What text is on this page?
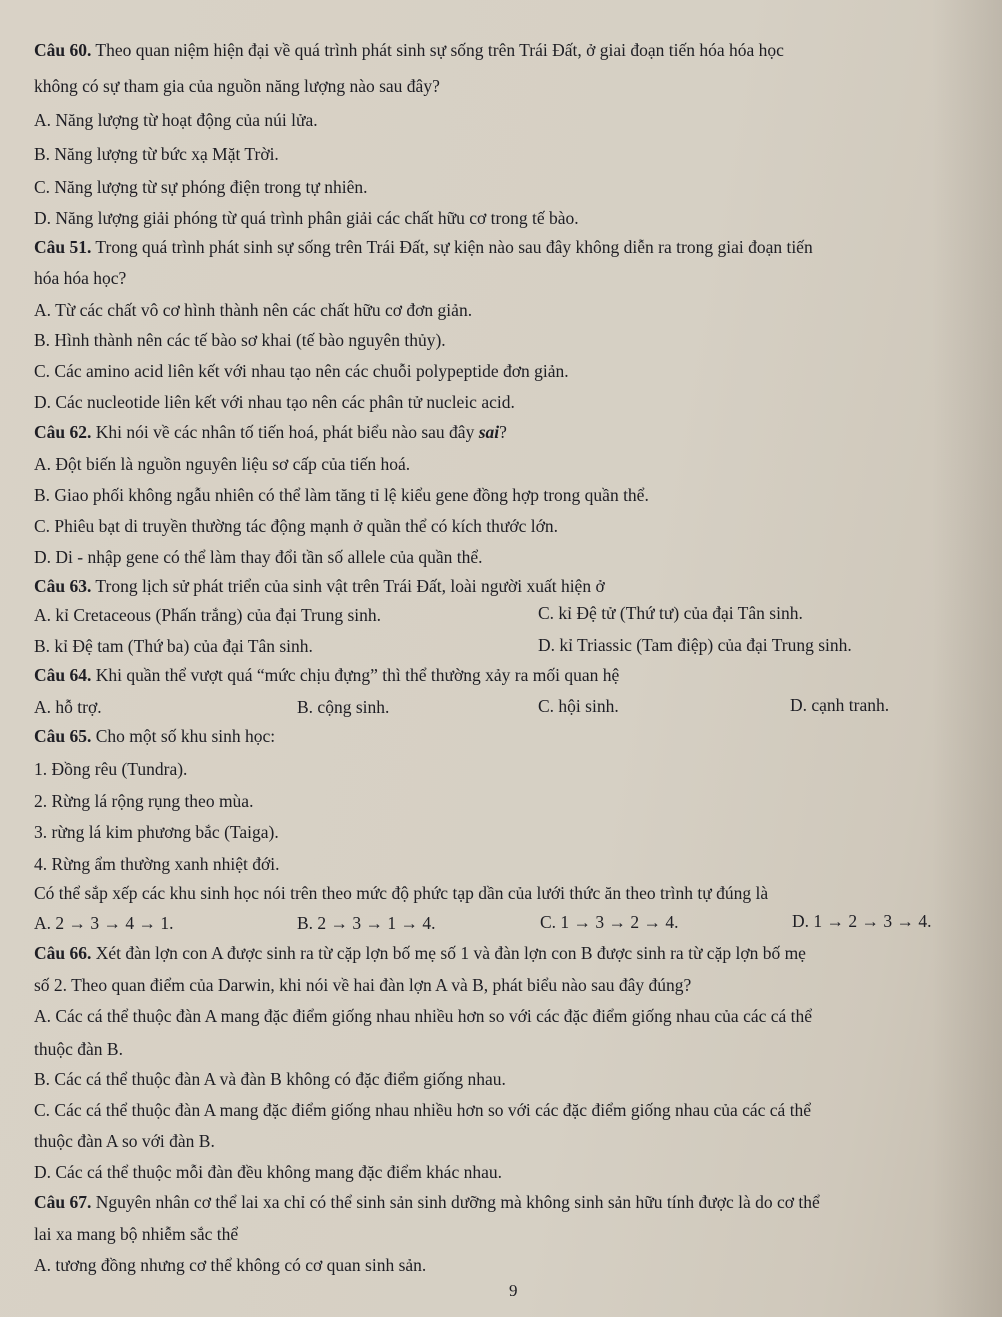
Câu 60. Theo quan niệm hiện đại về quá trình phát sinh sự sống trên Trái Đất, ở giai đoạn tiến hóa hóa học
không có sự tham gia của nguồn năng lượng nào sau đây?
A. Năng lượng từ hoạt động của núi lửa.
B. Năng lượng từ bức xạ Mặt Trời.
C. Năng lượng từ sự phóng điện trong tự nhiên.
D. Năng lượng giải phóng từ quá trình phân giải các chất hữu cơ trong tế bào.
Câu 51. Trong quá trình phát sinh sự sống trên Trái Đất, sự kiện nào sau đây không diễn ra trong giai đoạn tiến
hóa hóa học?
A. Từ các chất vô cơ hình thành nên các chất hữu cơ đơn giản.
B. Hình thành nên các tế bào sơ khai (tế bào nguyên thủy).
C. Các amino acid liên kết với nhau tạo nên các chuỗi polypeptide đơn giản.
D. Các nucleotide liên kết với nhau tạo nên các phân tử nucleic acid.
Câu 62. Khi nói về các nhân tố tiến hoá, phát biểu nào sau đây sai?
A. Đột biến là nguồn nguyên liệu sơ cấp của tiến hoá.
B. Giao phối không ngẫu nhiên có thể làm tăng tỉ lệ kiểu gene đồng hợp trong quần thể.
C. Phiêu bạt di truyền thường tác động mạnh ở quần thể có kích thước lớn.
D. Di - nhập gene có thể làm thay đổi tần số allele của quần thể.
Câu 63. Trong lịch sử phát triển của sinh vật trên Trái Đất, loài người xuất hiện ở
A. kỉ Cretaceous (Phấn trắng) của đại Trung sinh.	C. kỉ Đệ tử (Thứ tư) của đại Tân sinh.
B. kỉ Đệ tam (Thứ ba) của đại Tân sinh.	D. kỉ Triassic (Tam điệp) của đại Trung sinh.
Câu 64. Khi quần thể vượt quá “mức chịu đựng” thì thể thường xảy ra mối quan hệ
A. hỗ trợ.	B. cộng sinh.	C. hội sinh.	D. cạnh tranh.
Câu 65. Cho một số khu sinh học:
1. Đồng rêu (Tundra).
2. Rừng lá rộng rụng theo mùa.
3. rừng lá kim phương bắc (Taiga).
4. Rừng ẩm thường xanh nhiệt đới.
Có thể sắp xếp các khu sinh học nói trên theo mức độ phức tạp dần của lưới thức ăn theo trình tự đúng là
A. 2 → 3 → 4 → 1.	B. 2 → 3 → 1 → 4.	C. 1 → 3 → 2 → 4.	D. 1 → 2 → 3 → 4.
Câu 66. Xét đàn lợn con A được sinh ra từ cặp lợn bố mẹ số 1 và đàn lợn con B được sinh ra từ cặp lợn bố mẹ
số 2. Theo quan điểm của Darwin, khi nói về hai đàn lợn A và B, phát biểu nào sau đây đúng?
A. Các cá thể thuộc đàn A mang đặc điểm giống nhau nhiều hơn so với các đặc điểm giống nhau của các cá thể
thuộc đàn B.
B. Các cá thể thuộc đàn A và đàn B không có đặc điểm giống nhau.
C. Các cá thể thuộc đàn A mang đặc điểm giống nhau nhiều hơn so với các đặc điểm giống nhau của các cá thể
thuộc đàn A so với đàn B.
D. Các cá thể thuộc mỗi đàn đều không mang đặc điểm khác nhau.
Câu 67. Nguyên nhân cơ thể lai xa chỉ có thể sinh sản sinh dưỡng mà không sinh sản hữu tính được là do cơ thể
lai xa mang bộ nhiễm sắc thể
A. tương đồng nhưng cơ thể không có cơ quan sinh sản.
9
